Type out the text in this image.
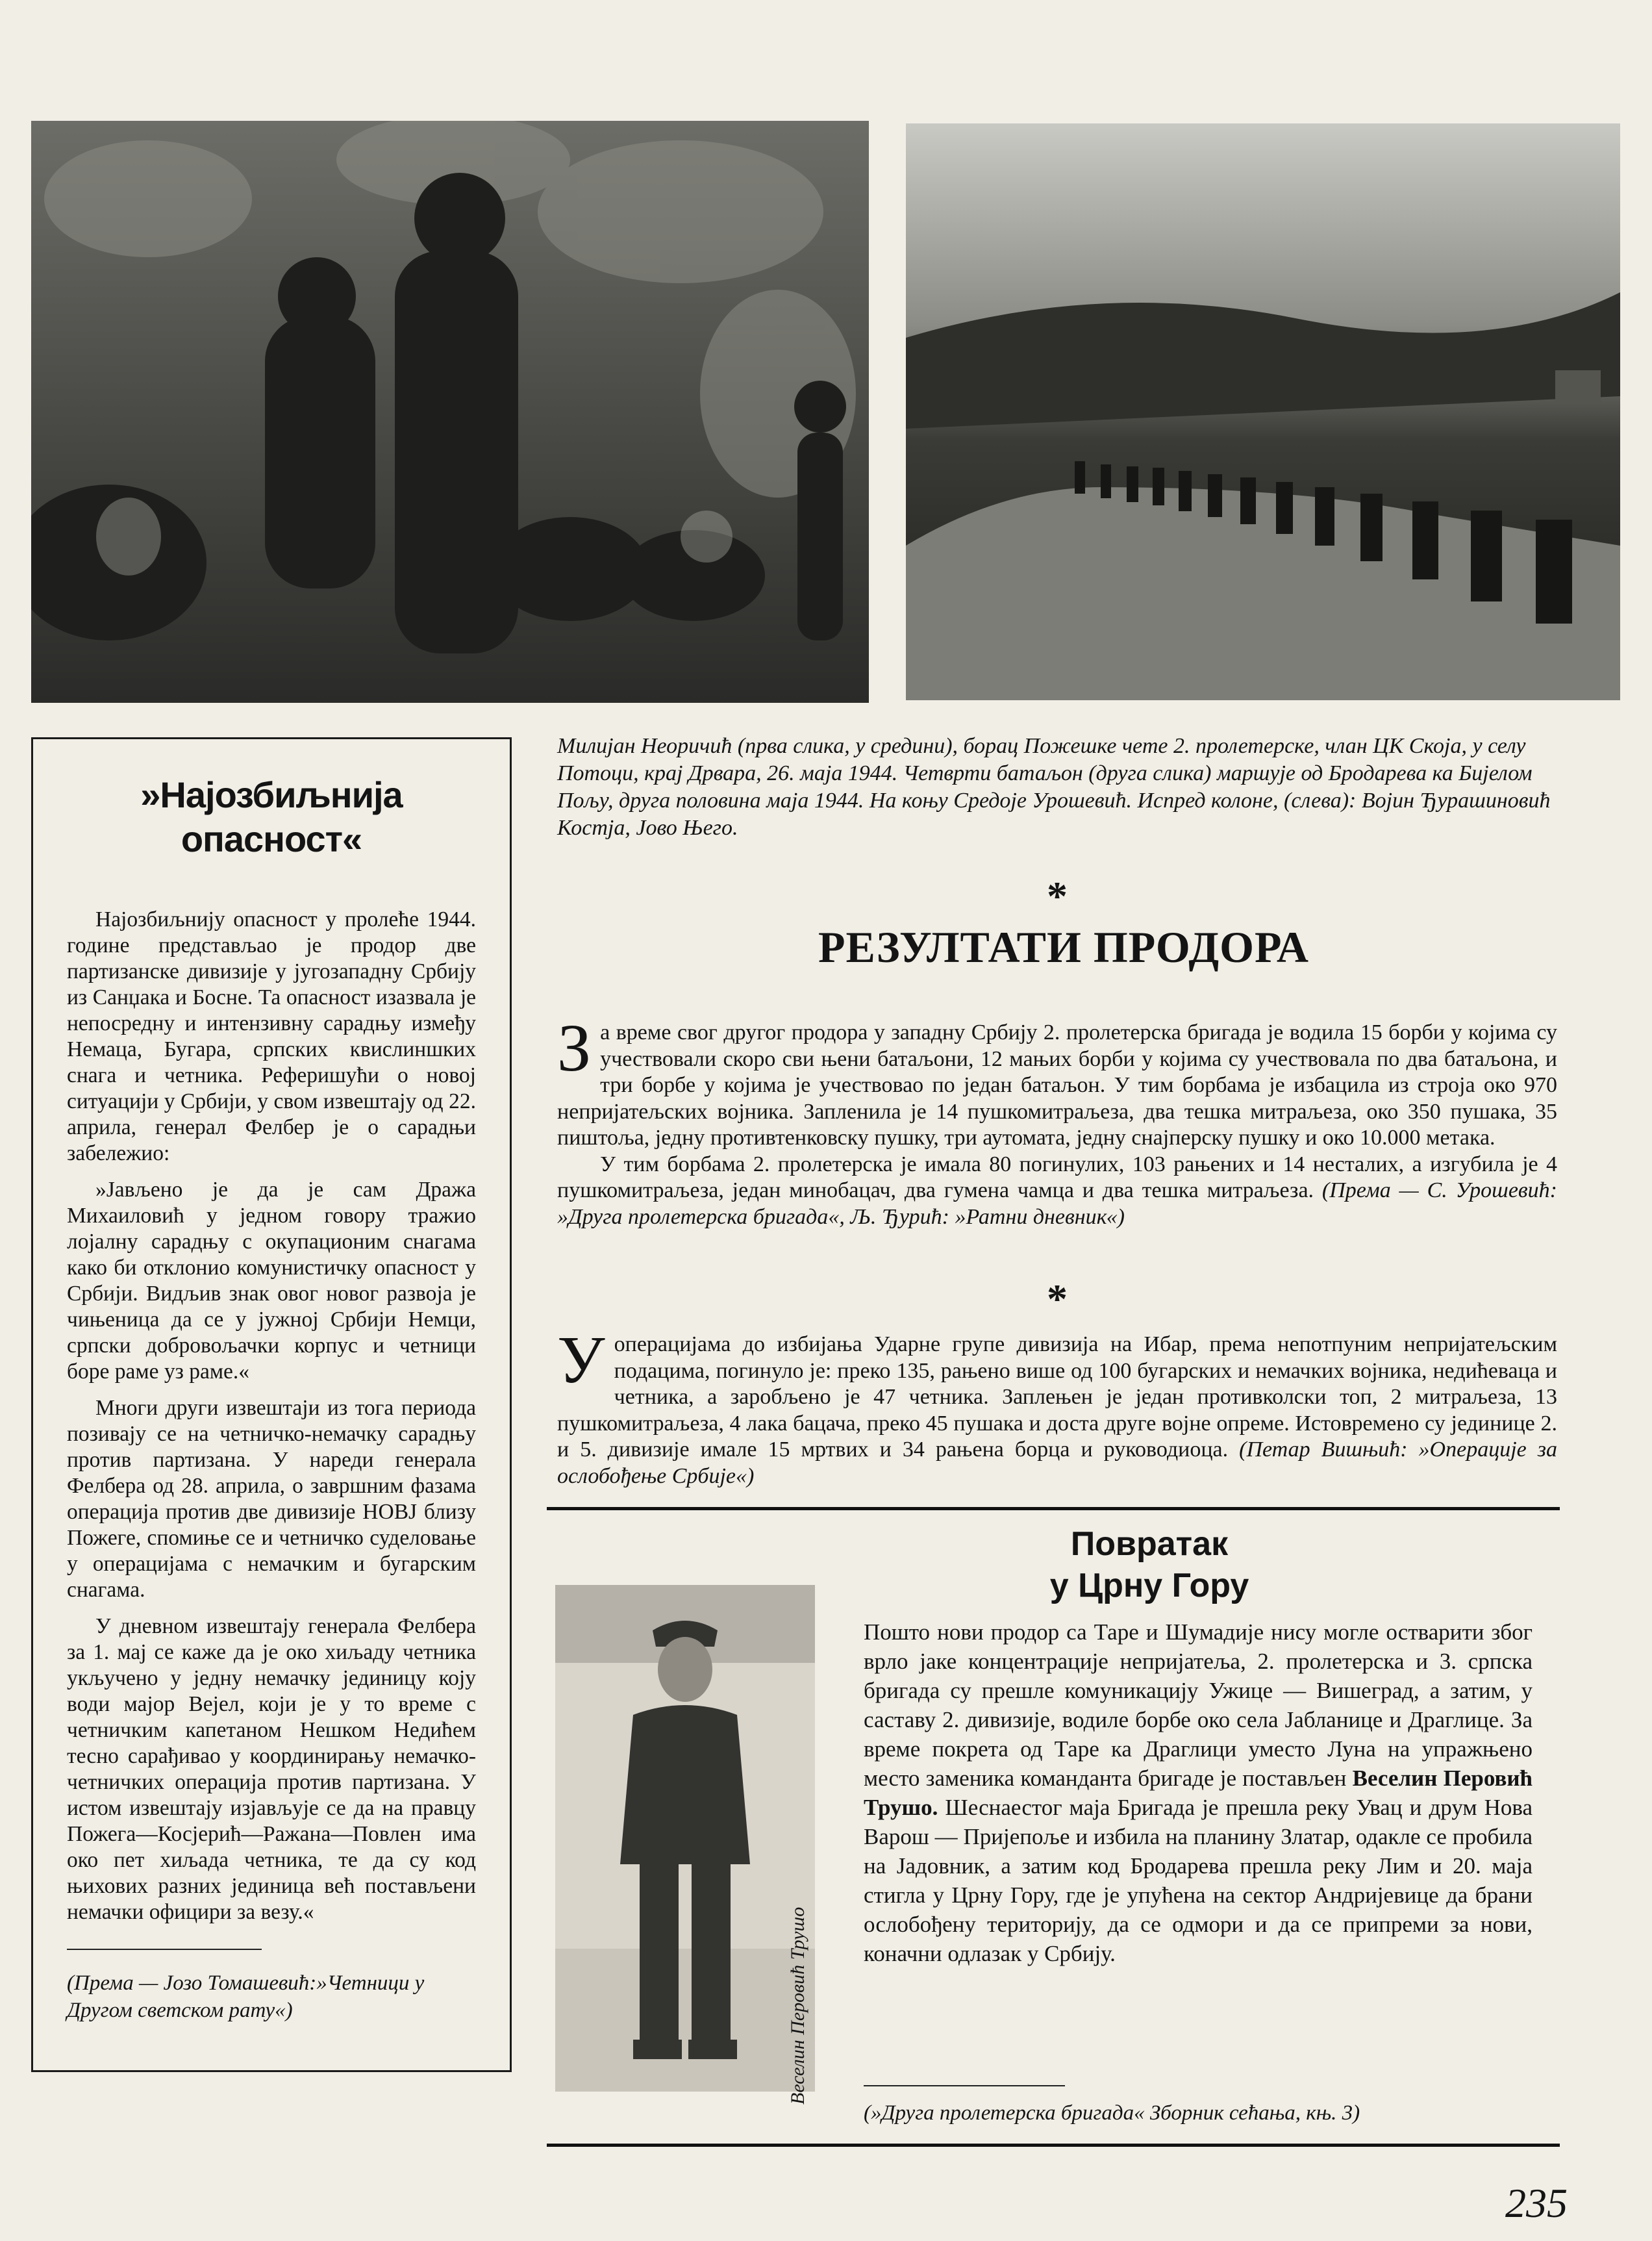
»Најозбиљнија опасност«

Најозбиљнију опасност у пролеће 1944. године представљао је продор две партизанске дивизије у југозападну Србију из Санџака и Босне. Та опасност изазвала је непосредну и интензивну сарадњу између Немаца, Бугара, српских квислиншких снага и четника. Реферишући о новој ситуацији у Србији, у свом извештају од 22. априла, генерал Фелбер је о сарадњи забележио:

»Јављено је да је сам Дража Михаиловић у једном говору тражио лојалну сарадњу с окупационим снагама како би отклонио комунистичку опасност у Србији. Видљив знак овог новог развоја је чињеница да се у јужној Србији Немци, српски добровољачки корпус и четници боре раме уз раме.«

Многи други извештаји из тога периода позивају се на четничко-немачку сарадњу против партизана. У нареди генерала Фелбера од 28. априла, о завршним фазама операција против две дивизије НОВЈ близу Пожеге, спомиње се и четничко суделовање у операцијама с немачким и бугарским снагама.

У дневном извештају генерала Фелбера за 1. мај се каже да је око хиљаду четника укључено у једну немачку јединицу коју води мајор Вејел, који је у то време с четничким капетаном Нешком Недићем тесно сарађивао у координирању немачко-четничких операција против партизана. У истом извештају изјављује се да на правцу Пожега—Косјерић—Ражана—Повлен има око пет хиљада четника, те да су код њихових разних јединица већ постављени немачки официри за везу.«

(Према — Јозо Томашевић:»Четници у Другом светском рату«)

Милијан Неоричић (прва слика, у средини), борац Пожешке чете 2. пролетерске, члан ЦК Скоја, у селу Потоци, крај Дрвара, 26. маја 1944. Четврти батаљон (друга слика) маршује од Бродарева ка Бијелом Пољу, друга половина маја 1944. На коњу Средоје Урошевић. Испред колоне, (слева): Војин Ђурашиновић Костја, Јово Њего.

*
РЕЗУЛТАТИ ПРОДОРА

За време свог другог продора у западну Србију 2. пролетерска бригада је водила 15 борби у којима су учествовали скоро сви њени батаљони, 12 мањих борби у којима су учествовала по два батаљона, и три борбе у којима је учествовао по један батаљон. У тим борбама је избацила из строја око 970 непријатељских војника. Запленила је 14 пушкомитраљеза, два тешка митраљеза, око 350 пушака, 35 пиштоља, једну противтенковску пушку, три аутомата, једну снајперску пушку и око 10.000 метака.

У тим борбама 2. пролетерска је имала 80 погинулих, 103 рањених и 14 несталих, а изгубила је 4 пушкомитраљеза, један минобацач, два гумена чамца и два тешка митраљеза. (Према — С. Урошевић: »Друга пролетерска бригада«, Љ. Ђурић: »Ратни дневник«)

*

Уоперацијама до избијања Ударне групе дивизија на Ибар, према непотпуним непријатељским подацима, погинуло је: преко 135, рањено више од 100 бугарских и немачких војника, недићеваца и четника, а заробљено је 47 четника. Заплењен је један противколски топ, 2 митраљеза, 13 пушкомитраљеза, 4 лака бацача, преко 45 пушака и доста друге војне опреме. Истовремено су јединице 2. и 5. дивизије имале 15 мртвих и 34 рањена борца и руководиоца. (Петар Вишњић: »Операције за ослобођење Србије«)

Повратак
у Црну Гору

Веселин Перовић Трушо

Пошто нови продор са Таре и Шумадије нису могле остварити због врло јаке концентрације непријатеља, 2. пролетерска и 3. српска бригада су прешле комуникацију Ужице — Вишеград, а затим, у саставу 2. дивизије, водиле борбе око села Јабланице и Драглице. За време покрета од Таре ка Драглици уместо Луна на упражњено место заменика команданта бригаде је постављен Веселин Перовић Трушо. Шеснаестог маја Бригада је прешла реку Увац и друм Нова Варош — Пријепоље и избила на планину Златар, одакле се пробила на Јадовник, а затим код Бродарева прешла реку Лим и 20. маја стигла у Црну Гору, где је упућена на сектор Андријевице да брани ослобођену територију, да се одмори и да се припреми за нови, коначни одлазак у Србију.

(»Друга пролетерска бригада« Зборник сећања, књ. 3)

235
